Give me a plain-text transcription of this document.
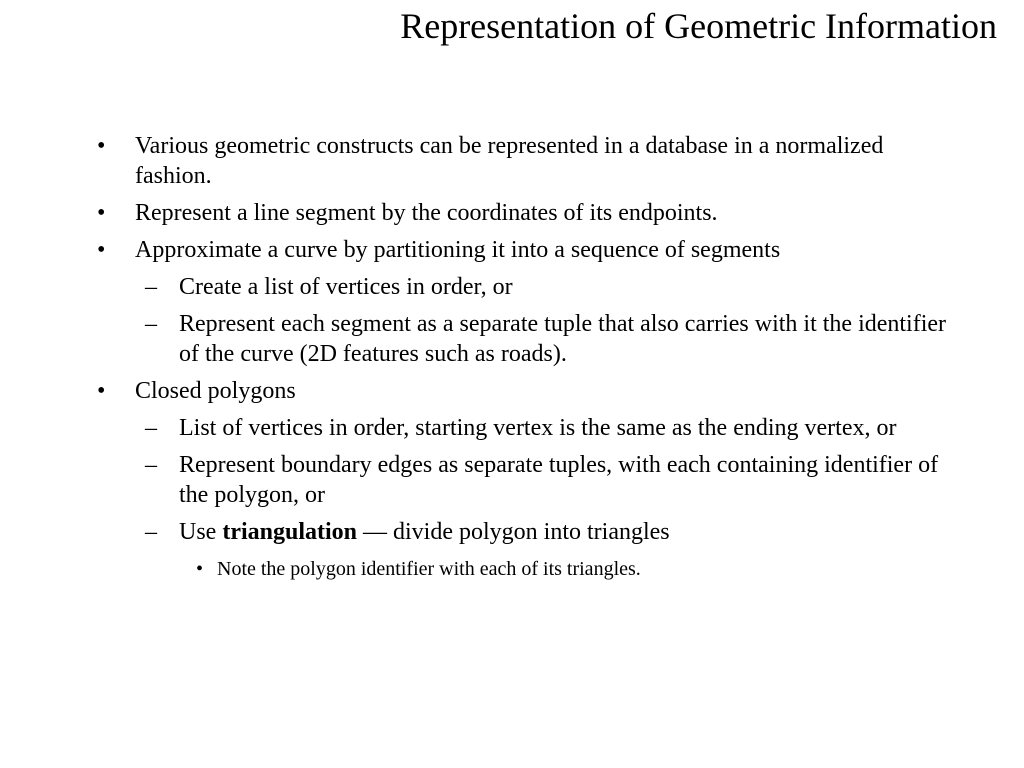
Representation of Geometric Information
• Various geometric constructs can be represented in a database in a normalized fashion.
• Represent a line segment by the coordinates of its endpoints.
• Approximate a curve by partitioning it into a sequence of segments
– Create a list of vertices in order, or
– Represent each segment as a separate tuple that also carries with it the identifier of the curve (2D features such as roads).
• Closed polygons
– List of vertices in order, starting vertex is the same as the ending vertex, or
– Represent boundary edges as separate tuples, with each containing identifier of the polygon, or
– Use triangulation — divide polygon into triangles
• Note the polygon identifier with each of its triangles.
